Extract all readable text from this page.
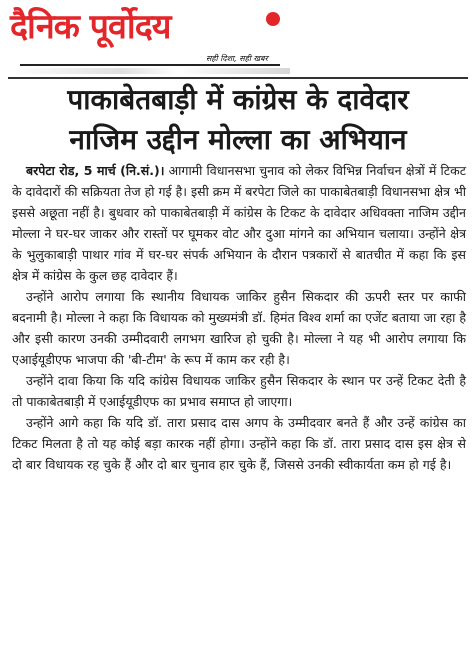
दैनिक पूर्वोदय
सही दिशा, सही खबर
पाकाबेतबाड़ी में कांग्रेस के दावेदार
नाजिम उद्दीन मोल्ला का अभियान

बरपेटा रोड, 5 मार्च (नि.सं.)। आगामी विधानसभा चुनाव को लेकर विभिन्न निर्वाचन क्षेत्रों में टिकट के दावेदारों की सक्रियता तेज हो गई है। इसी क्रम में बरपेटा जिले का पाकाबेतबाड़ी विधानसभा क्षेत्र भी इससे अछूता नहीं है। बुधवार को पाकाबेतबाड़ी में कांग्रेस के टिकट के दावेदार अधिवक्ता नाजिम उद्दीन मोल्ला ने घर-घर जाकर और रास्तों पर घूमकर वोट और दुआ मांगने का अभियान चलाया। उन्होंने क्षेत्र के भुलुकाबाड़ी पाथार गांव में घर-घर संपर्क अभियान के दौरान पत्रकारों से बातचीत में कहा कि इस क्षेत्र में कांग्रेस के कुल छह दावेदार हैं।

उन्होंने आरोप लगाया कि स्थानीय विधायक जाकिर हुसैन सिकदार की ऊपरी स्तर पर काफी बदनामी है। मोल्ला ने कहा कि विधायक को मुख्यमंत्री डॉ. हिमंत विश्व शर्मा का एजेंट बताया जा रहा है और इसी कारण उनकी उम्मीदवारी लगभग खारिज हो चुकी है। मोल्ला ने यह भी आरोप लगाया कि एआईयूडीएफ भाजपा की 'बी-टीम' के रूप में काम कर रही है।

उन्होंने दावा किया कि यदि कांग्रेस विधायक जाकिर हुसैन सिकदार के स्थान पर उन्हें टिकट देती है तो पाकाबेतबाड़ी में एआईयूडीएफ का प्रभाव समाप्त हो जाएगा।

उन्होंने आगे कहा कि यदि डॉ. तारा प्रसाद दास अगप के उम्मीदवार बनते हैं और उन्हें कांग्रेस का टिकट मिलता है तो यह कोई बड़ा कारक नहीं होगा। उन्होंने कहा कि डॉ. तारा प्रसाद दास इस क्षेत्र से दो बार विधायक रह चुके हैं और दो बार चुनाव हार चुके हैं, जिससे उनकी स्वीकार्यता कम हो गई है।
